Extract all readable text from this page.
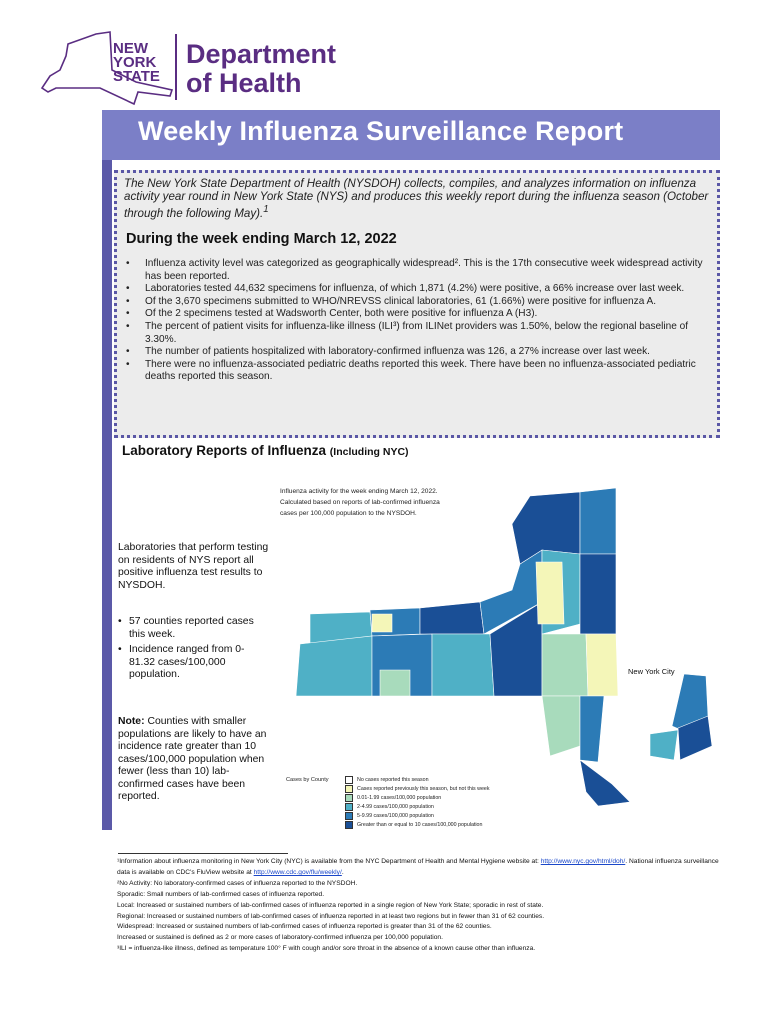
NEW
YORK
STATE
Department
of Health
Weekly Influenza Surveillance Report
The New York State Department of Health (NYSDOH) collects, compiles, and analyzes information on influenza activity year round in New York State (NYS) and produces this weekly report during the influenza season (October through the following May).$^1$
During the week ending March 12, 2022
• Influenza activity level was categorized as geographically widespread². This is the 17th consecutive week widespread activity has been reported.
• Laboratories tested 44,632 specimens for influenza, of which 1,871 (4.2%) were positive, a 66% increase over last week.
• Of the 3,670 specimens submitted to WHO/NREVSS clinical laboratories, 61 (1.66%) were positive for influenza A.
• Of the 2 specimens tested at Wadsworth Center, both were positive for influenza A (H3).
• The percent of patient visits for influenza-like illness (ILI³) from ILINet providers was 1.50%, below the regional baseline of 3.30%.
• The number of patients hospitalized with laboratory-confirmed influenza was 126, a 27% increase over last week.
• There were no influenza-associated pediatric deaths reported this week. There have been no influenza-associated pediatric deaths reported this season.
Laboratory Reports of Influenza (Including NYC)
Laboratories that perform testing on residents of NYS report all positive influenza test results to NYSDOH.
• 57 counties reported cases this week.
• Incidence ranged from 0-81.32 cases/100,000 population.
Note: Counties with smaller populations are likely to have an incidence rate greater than 10 cases/100,000 population when fewer (less than 10) lab-confirmed cases have been reported.
Influenza activity for the week ending March 12, 2022.
Calculated based on reports of lab-confirmed influenza
cases per 100,000 population to the NYSDOH.
New York City
Cases by County	No cases reported this season
Cases reported previously this season, but not this week
0.01-1.99 cases/100,000 population
2-4.99 cases/100,000 population
5-9.99 cases/100,000 population
Greater than or equal to 10 cases/100,000 population
¹Information about influenza monitoring in New York City (NYC) is available from the NYC Department of Health and Mental Hygiene website at: http://www.nyc.gov/html/doh/. National influenza surveillance data is available on CDC's FluView website at http://www.cdc.gov/flu/weekly/.
²No Activity: No laboratory-confirmed cases of influenza reported to the NYSDOH.
Sporadic: Small numbers of lab-confirmed cases of influenza reported.
Local: Increased or sustained numbers of lab-confirmed cases of influenza reported in a single region of New York State; sporadic in rest of state.
Regional: Increased or sustained numbers of lab-confirmed cases of influenza reported in at least two regions but in fewer than 31 of 62 counties.
Widespread: Increased or sustained numbers of lab-confirmed cases of influenza reported is greater than 31 of the 62 counties.
Increased or sustained is defined as 2 or more cases of laboratory-confirmed influenza per 100,000 population.
³ILI = influenza-like illness, defined as temperature 100° F with cough and/or sore throat in the absence of a known cause other than influenza.
